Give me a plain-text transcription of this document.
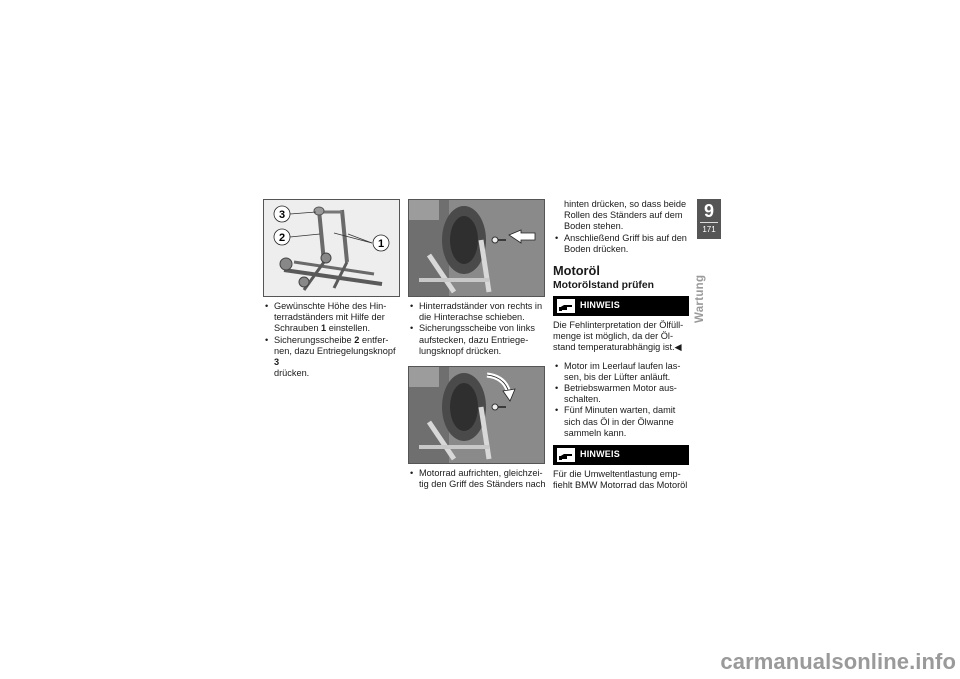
3
2	1
• Gewünschte Höhe des Hin-
terradständers mit Hilfe der
Schrauben 1 einstellen.
• Sicherungsscheibe 2 entfer-
nen, dazu Entriegelungsknopf 3
drücken.
• Hinterradständer von rechts in
die Hinterachse schieben.
• Sicherungsscheibe von links
aufstecken, dazu Entriege-
lungsknopf drücken.
• Motorrad aufrichten, gleichzei-
tig den Griff des Ständers nach
hinten drücken, so dass beide
Rollen des Ständers auf dem
Boden stehen.
• Anschließend Griff bis auf den
Boden drücken.
Motoröl
Motorölstand prüfen
HINWEIS
Die Fehlinterpretation der Ölfüll-
menge ist möglich, da der Öl-
stand temperaturabhängig ist.◀
• Motor im Leerlauf laufen las-
sen, bis der Lüfter anläuft.
• Betriebswarmen Motor aus-
schalten.
• Fünf Minuten warten, damit
sich das Öl in der Ölwanne
sammeln kann.
HINWEIS
Für die Umweltentlastung emp-
fiehlt BMW Motorrad das Motoröl
9
171
Wartung
carmanualsonline.info
